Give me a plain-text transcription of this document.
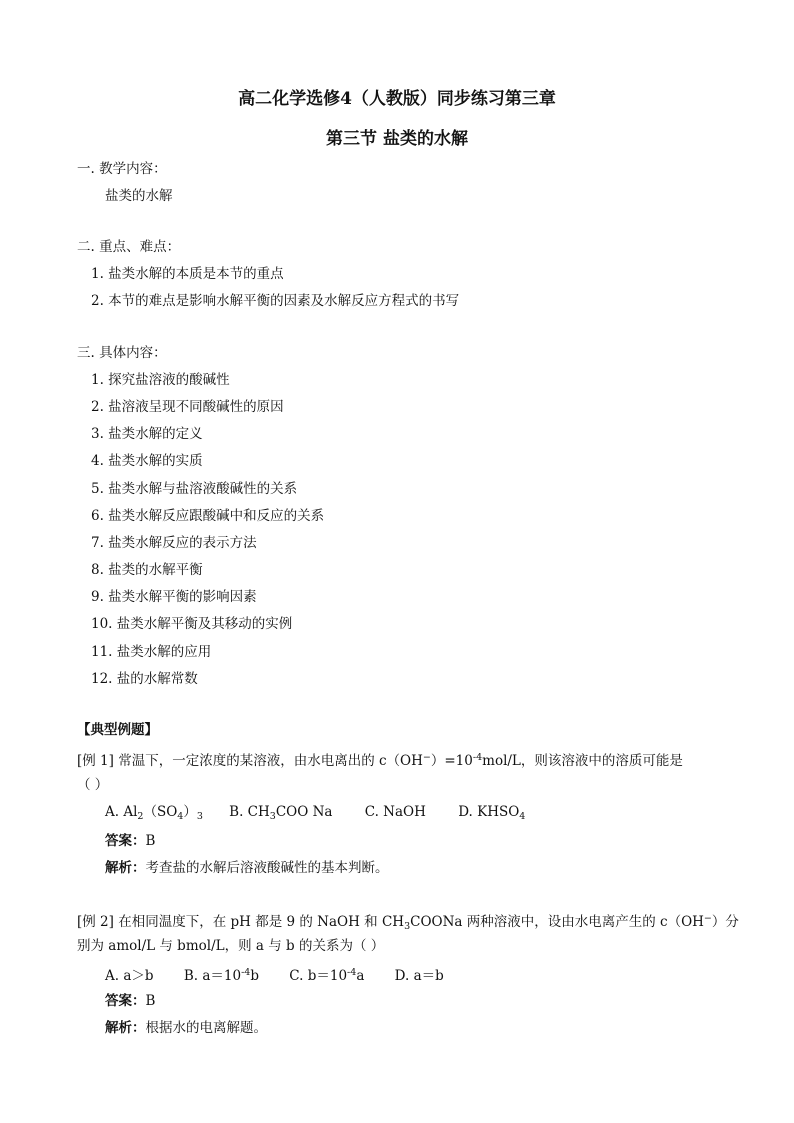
高二化学选修4（人教版）同步练习第三章
第三节 盐类的水解
一. 教学内容：
盐类的水解
二. 重点、难点：
1. 盐类水解的本质是本节的重点
2. 本节的难点是影响水解平衡的因素及水解反应方程式的书写
三. 具体内容：
1. 探究盐溶液的酸碱性
2. 盐溶液呈现不同酸碱性的原因
3. 盐类水解的定义
4. 盐类水解的实质
5. 盐类水解与盐溶液酸碱性的关系
6. 盐类水解反应跟酸碱中和反应的关系
7. 盐类水解反应的表示方法
8. 盐类的水解平衡
9. 盐类水解平衡的影响因素
10. 盐类水解平衡及其移动的实例
11. 盐类水解的应用
12. 盐的水解常数
【典型例题】
[例 1] 常温下，一定浓度的某溶液，由水电离出的 $c(OH^-)=10^{-4}mol/L$，则该溶液中的溶质可能是
（ ）
A. $Al_2(SO_4)_3$ B. $CH_3COO$ Na C. NaOH D. $KHSO_4$
答案：B
解析：考查盐的水解后溶液酸碱性的基本判断。
[例 2] 在相同温度下，在 pH 都是 9 的 NaOH 和 $CH_3COONa$ 两种溶液中，设由水电离产生的 c（OH−）分
别为 amol/L 与 bmol/L，则 a 与 b 的关系为（ ）
A. a＞b B. $a=10^{-4}b$ C. $b=10^{-4}a$ D. a＝b
答案：B
解析：根据水的电离解题。
